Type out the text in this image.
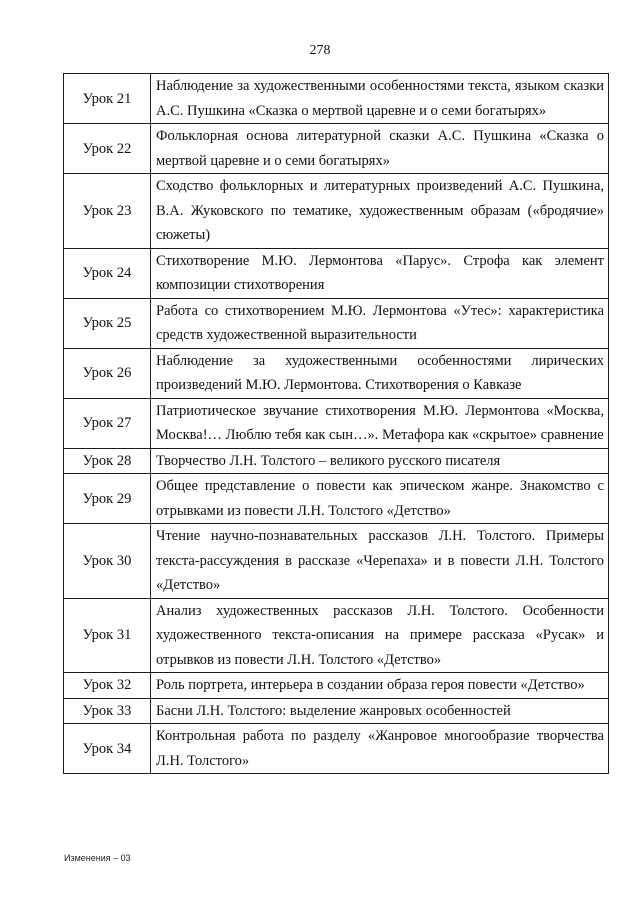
278
Урок 21	Наблюдение за художественными особенностями текста, языком сказки А.С. Пушкина «Сказка о мертвой царевне и о семи богатырях»
Урок 22	Фольклорная основа литературной сказки А.С. Пушкина «Сказка о мертвой царевне и о семи богатырях»
Урок 23	Сходство фольклорных и литературных произведений А.С. Пушкина, В.А. Жуковского по тематике, художественным образам («бродячие» сюжеты)
Урок 24	Стихотворение М.Ю. Лермонтова «Парус». Строфа как элемент композиции стихотворения
Урок 25	Работа со стихотворением М.Ю. Лермонтова «Утес»: характеристика средств художественной выразительности
Урок 26	Наблюдение за художественными особенностями лирических произведений М.Ю. Лермонтова. Стихотворения о Кавказе
Урок 27	Патриотическое звучание стихотворения М.Ю. Лермонтова «Москва, Москва!… Люблю тебя как сын…». Метафора как «скрытое» сравнение
Урок 28	Творчество Л.Н. Толстого – великого русского писателя
Урок 29	Общее представление о повести как эпическом жанре. Знакомство с отрывками из повести Л.Н. Толстого «Детство»
Урок 30	Чтение научно-познавательных рассказов Л.Н. Толстого. Примеры текста-рассуждения в рассказе «Черепаха» и в повести Л.Н. Толстого «Детство»
Урок 31	Анализ художественных рассказов Л.Н. Толстого. Особенности художественного текста-описания на примере рассказа «Русак» и отрывков из повести Л.Н. Толстого «Детство»
Урок 32	Роль портрета, интерьера в создании образа героя повести «Детство»
Урок 33	Басни Л.Н. Толстого: выделение жанровых особенностей
Урок 34	Контрольная работа по разделу «Жанровое многообразие творчества Л.Н. Толстого»
Изменения – 03
